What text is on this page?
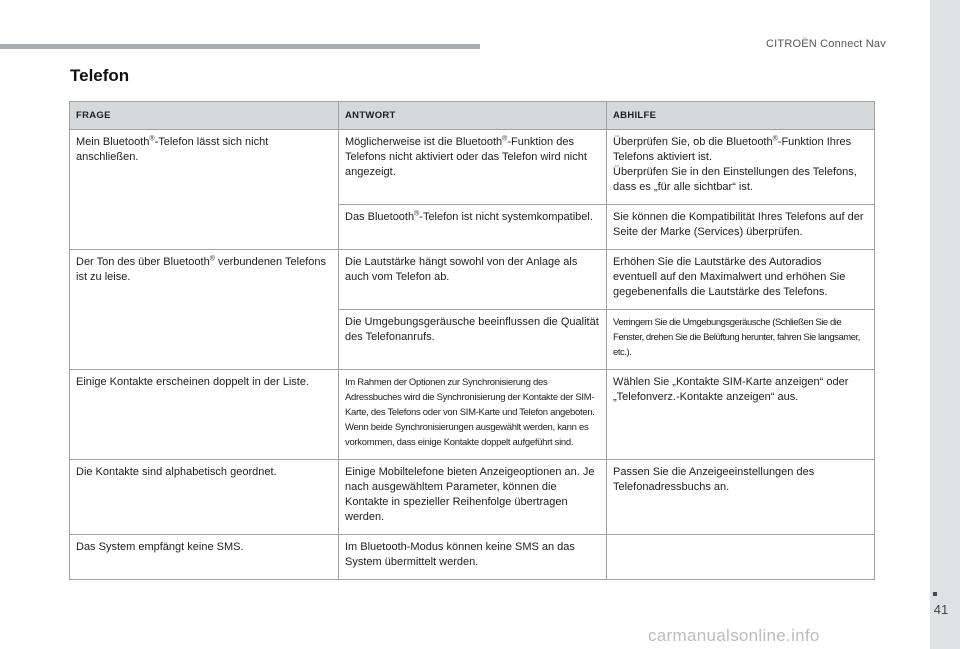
CITROËN Connect Nav
41
Telefon
FRAGE	ANTWORT	ABHILFE
Mein Bluetooth®-Telefon lässt sich nicht anschließen.	Möglicherweise ist die Bluetooth®-Funktion des Telefons nicht aktiviert oder das Telefon wird nicht angezeigt.	Überprüfen Sie, ob die Bluetooth®-Funktion Ihres Telefons aktiviert ist.
Überprüfen Sie in den Einstellungen des Telefons, dass es „für alle sichtbar“ ist.
	Das Bluetooth®-Telefon ist nicht systemkompatibel.	Sie können die Kompatibilität Ihres Telefons auf der Seite der Marke (Services) überprüfen.
Der Ton des über Bluetooth® verbundenen Telefons ist zu leise.	Die Lautstärke hängt sowohl von der Anlage als auch vom Telefon ab.	Erhöhen Sie die Lautstärke des Autoradios eventuell auf den Maximalwert und erhöhen Sie gegebenenfalls die Lautstärke des Telefons.
	Die Umgebungsgeräusche beeinflussen die Qualität des Telefonanrufs.	Verringern Sie die Umgebungsgeräusche (Schließen Sie die Fenster, drehen Sie die Belüftung herunter, fahren Sie langsamer, etc.).
Einige Kontakte erscheinen doppelt in der Liste.	Im Rahmen der Optionen zur Synchronisierung des Adressbuches wird die Synchronisierung der Kontakte der SIM-Karte, des Telefons oder von SIM-Karte und Telefon angeboten. Wenn beide Synchronisierungen ausgewählt werden, kann es vorkommen, dass einige Kontakte doppelt aufgeführt sind.	Wählen Sie „Kontakte SIM-Karte anzeigen“ oder „Telefonverz.-Kontakte anzeigen“ aus.
Die Kontakte sind alphabetisch geordnet.	Einige Mobiltelefone bieten Anzeigeoptionen an. Je nach ausgewähltem Parameter, können die Kontakte in spezieller Reihenfolge übertragen werden.	Passen Sie die Anzeigeeinstellungen des Telefonadressbuchs an.
Das System empfängt keine SMS.	Im Bluetooth-Modus können keine SMS an das System übermittelt werden.	
carmanualsonline.info
